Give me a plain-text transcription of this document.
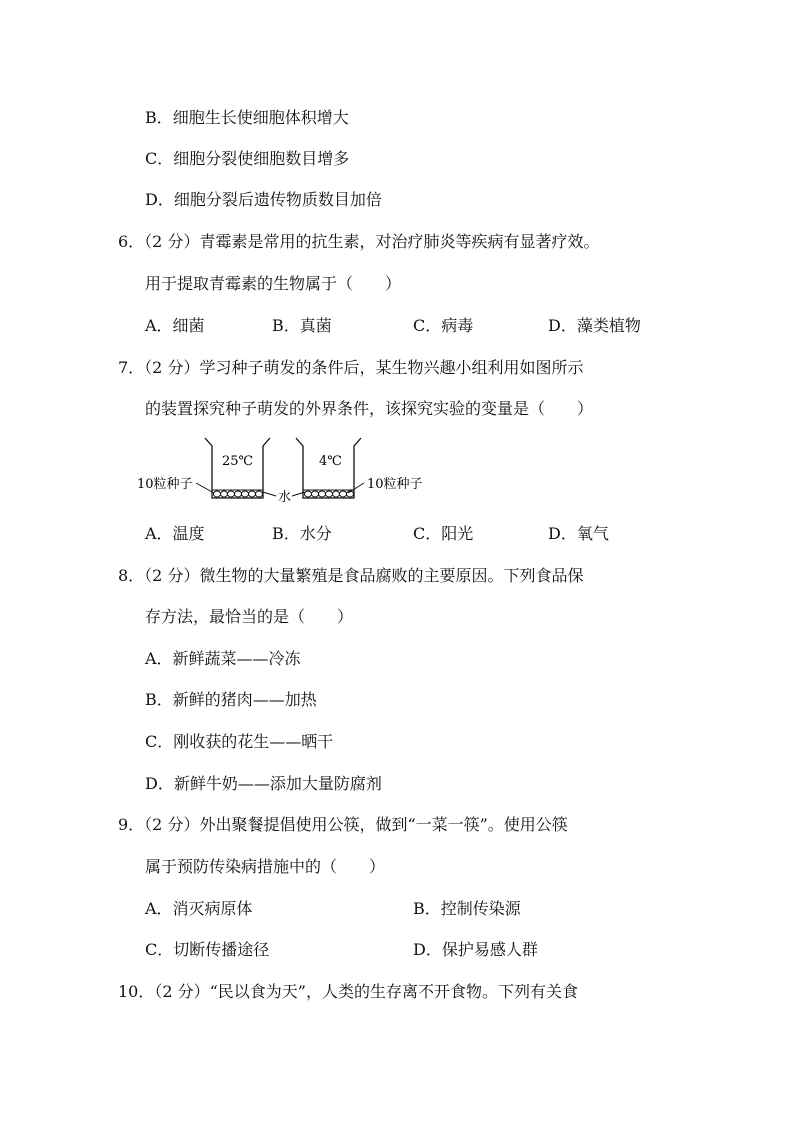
B．细胞生长使细胞体积增大
C．细胞分裂使细胞数目增多
D．细胞分裂后遗传物质数目加倍
6．（2 分）青霉素是常用的抗生素，对治疗肺炎等疾病有显著疗效。
用于提取青霉素的生物属于（　　）
A．细菌	B．真菌	C．病毒	D．藻类植物
7．（2 分）学习种子萌发的条件后，某生物兴趣小组利用如图所示
的装置探究种子萌发的外界条件，该探究实验的变量是（　　）
25℃	4℃
10粒种子
水
10粒种子
A．温度	B．水分	C．阳光	D．氧气
8．（2 分）微生物的大量繁殖是食品腐败的主要原因。下列食品保
存方法，最恰当的是（　　）
A．新鲜蔬菜——冷冻
B．新鲜的猪肉——加热
C．刚收获的花生——晒干
D．新鲜牛奶——添加大量防腐剂
9．（2 分）外出聚餐提倡使用公筷，做到“一菜一筷”。使用公筷
属于预防传染病措施中的（　　）
A．消灭病原体	B．控制传染源
C．切断传播途径	D．保护易感人群
10．（2 分）“民以食为天”，人类的生存离不开食物。下列有关食
